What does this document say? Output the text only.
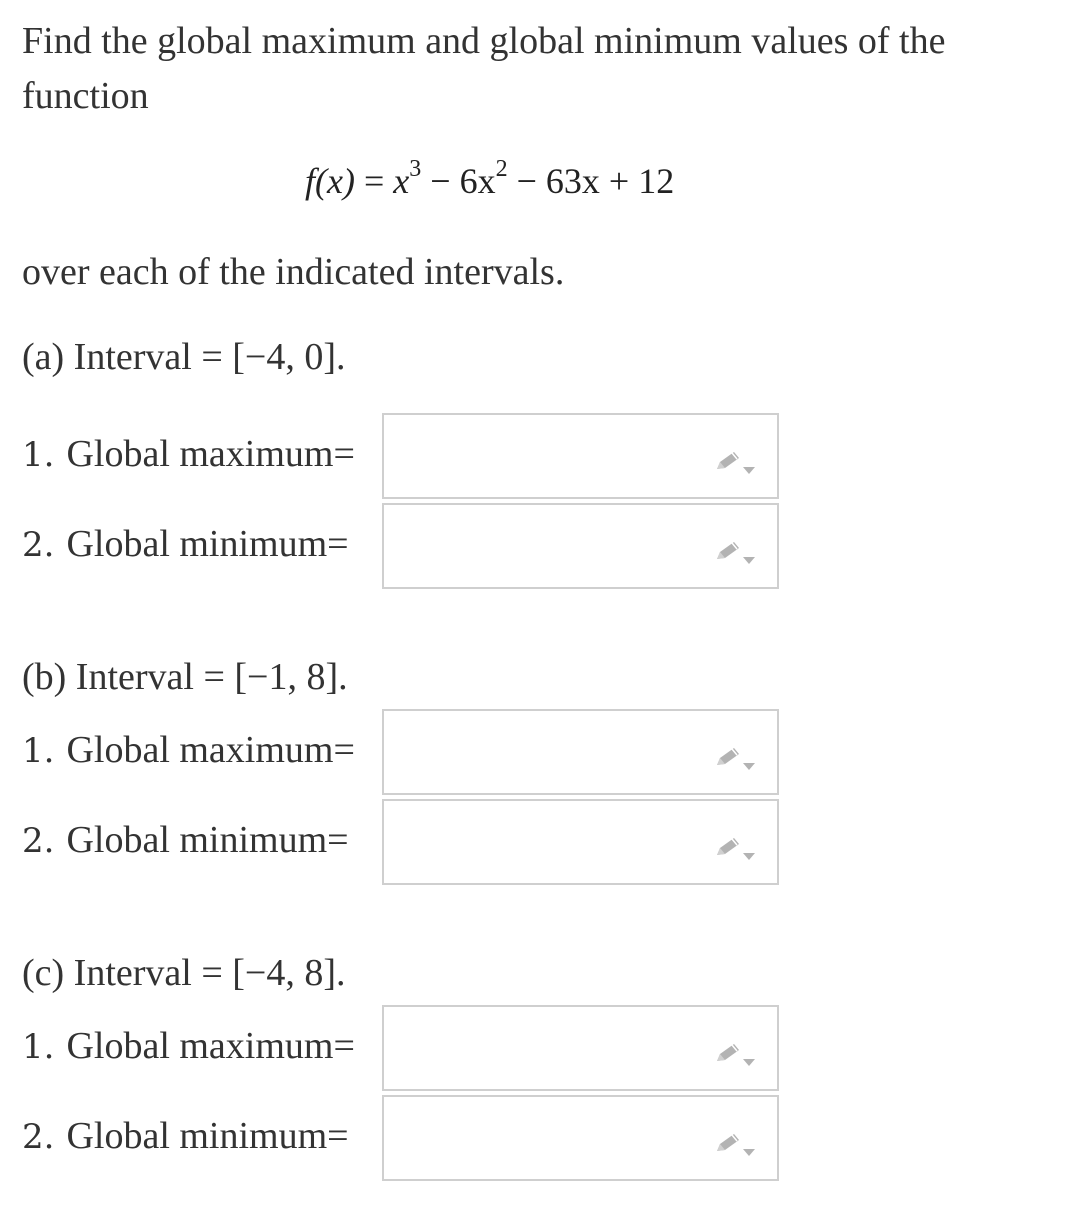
Find the global maximum and global minimum values of the function
$f(x) = x^3 - 6x^2 - 63x + 12$
over each of the indicated intervals.
(a) Interval = [−4, 0].
1. Global maximum=
2. Global minimum=
(b) Interval = [−1, 8].
1. Global maximum=
2. Global minimum=
(c) Interval = [−4, 8].
1. Global maximum=
2. Global minimum=
